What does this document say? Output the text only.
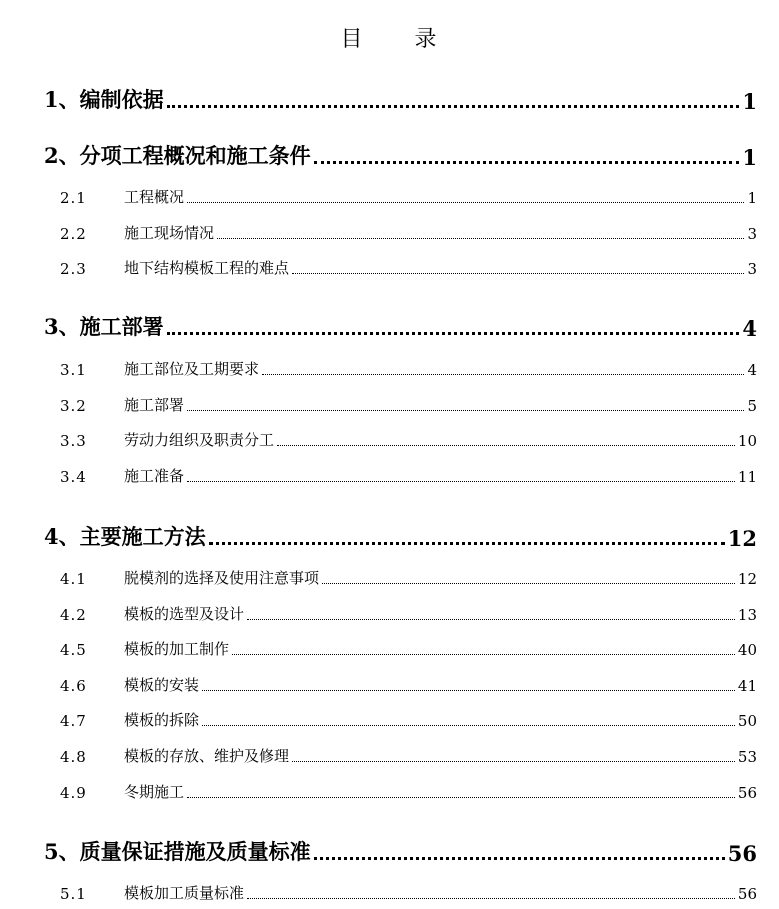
目 录
1、编制依据	1
2、分项工程概况和施工条件	1
2.1	工程概况	1
2.2	施工现场情况	3
2.3	地下结构模板工程的难点	3
3、施工部署	4
3.1	施工部位及工期要求	4
3.2	施工部署	5
3.3	劳动力组织及职责分工	10
3.4	施工准备	11
4、主要施工方法	12
4.1	脱模剂的选择及使用注意事项	12
4.2	模板的选型及设计	13
4.5	模板的加工制作	40
4.6	模板的安装	41
4.7	模板的拆除	50
4.8	模板的存放、维护及修理	53
4.9	冬期施工	56
5、质量保证措施及质量标准	56
5.1	模板加工质量标准	56
